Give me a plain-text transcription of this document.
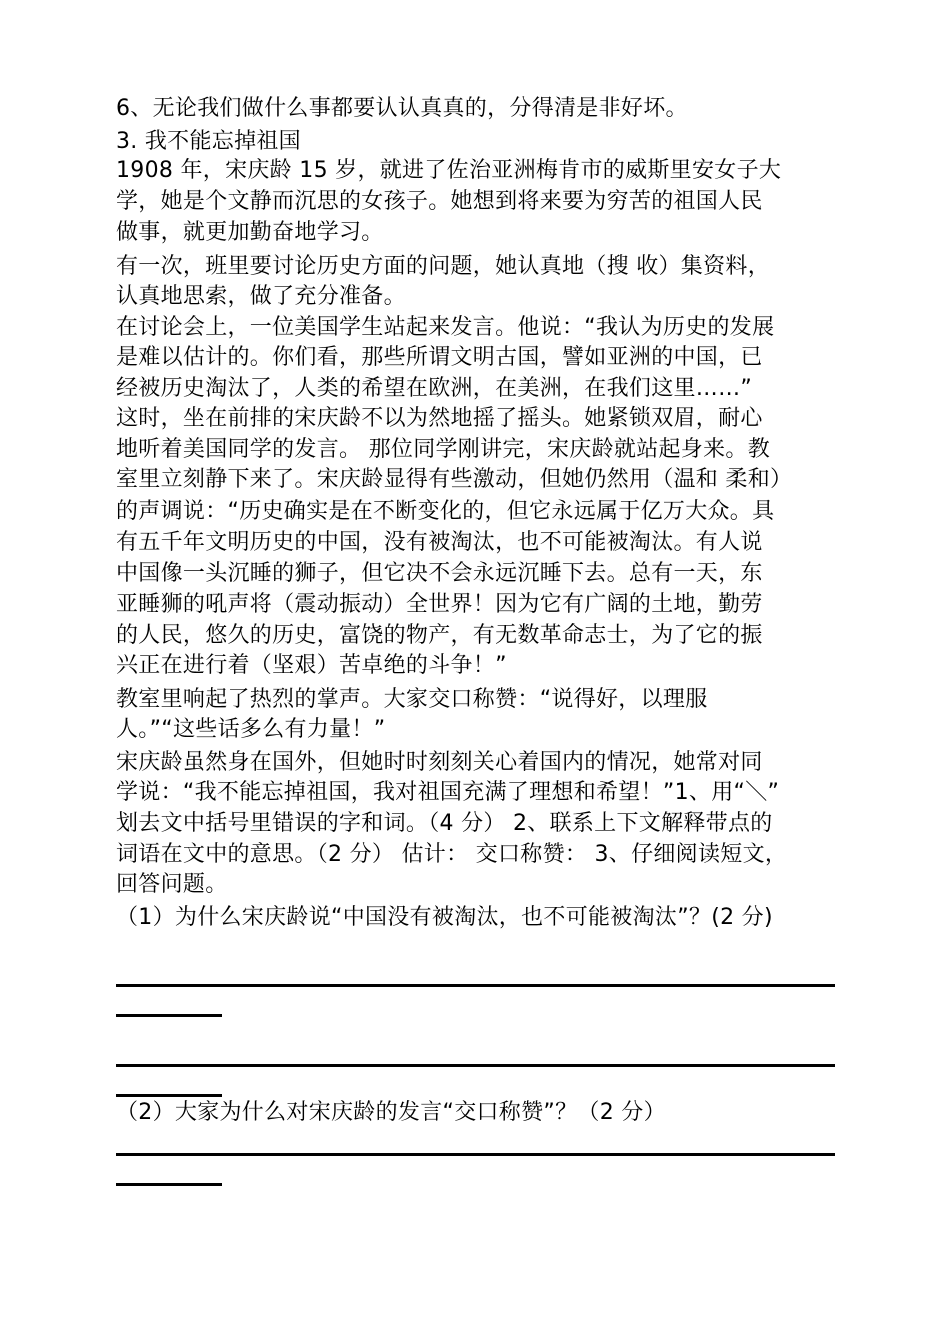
6、无论我们做什么事都要认认真真的，分得清是非好坏。
3. 我不能忘掉祖国
1908 年，宋庆龄 15 岁，就进了佐治亚洲梅肯市的威斯里安女子大
学，她是个文静而沉思的女孩子。她想到将来要为穷苦的祖国人民
做事，就更加勤奋地学习。
有一次，班里要讨论历史方面的问题，她认真地（搜 收）集资料，
认真地思索，做了充分准备。
在讨论会上，一位美国学生站起来发言。他说：“我认为历史的发展
是难以估计的。你们看，那些所谓文明古国，譬如亚洲的中国，已
经被历史淘汰了，人类的希望在欧洲，在美洲，在我们这里……”
这时，坐在前排的宋庆龄不以为然地摇了摇头。她紧锁双眉，耐心
地听着美国同学的发言。 那位同学刚讲完，宋庆龄就站起身来。教
室里立刻静下来了。宋庆龄显得有些激动，但她仍然用（温和 柔和）
的声调说：“历史确实是在不断变化的，但它永远属于亿万大众。具
有五千年文明历史的中国，没有被淘汰，也不可能被淘汰。有人说
中国像一头沉睡的狮子，但它决不会永远沉睡下去。总有一天，东
亚睡狮的吼声将（震动振动）全世界！因为它有广阔的土地，勤劳
的人民，悠久的历史，富饶的物产，有无数革命志士，为了它的振
兴正在进行着（坚艰）苦卓绝的斗争！”
教室里响起了热烈的掌声。大家交口称赞：“说得好，以理服
人。”“这些话多么有力量！”
宋庆龄虽然身在国外，但她时时刻刻关心着国内的情况，她常对同
学说：“我不能忘掉祖国，我对祖国充满了理想和希望！”1、用“＼”
划去文中括号里错误的字和词。（4 分） 2、联系上下文解释带点的
词语在文中的意思。（2 分） 估计： 交口称赞： 3、仔细阅读短文，
回答问题。
（1）为什么宋庆龄说“中国没有被淘汰，也不可能被淘汰”？(2 分)
（2）大家为什么对宋庆龄的发言“交口称赞”？（2 分）
